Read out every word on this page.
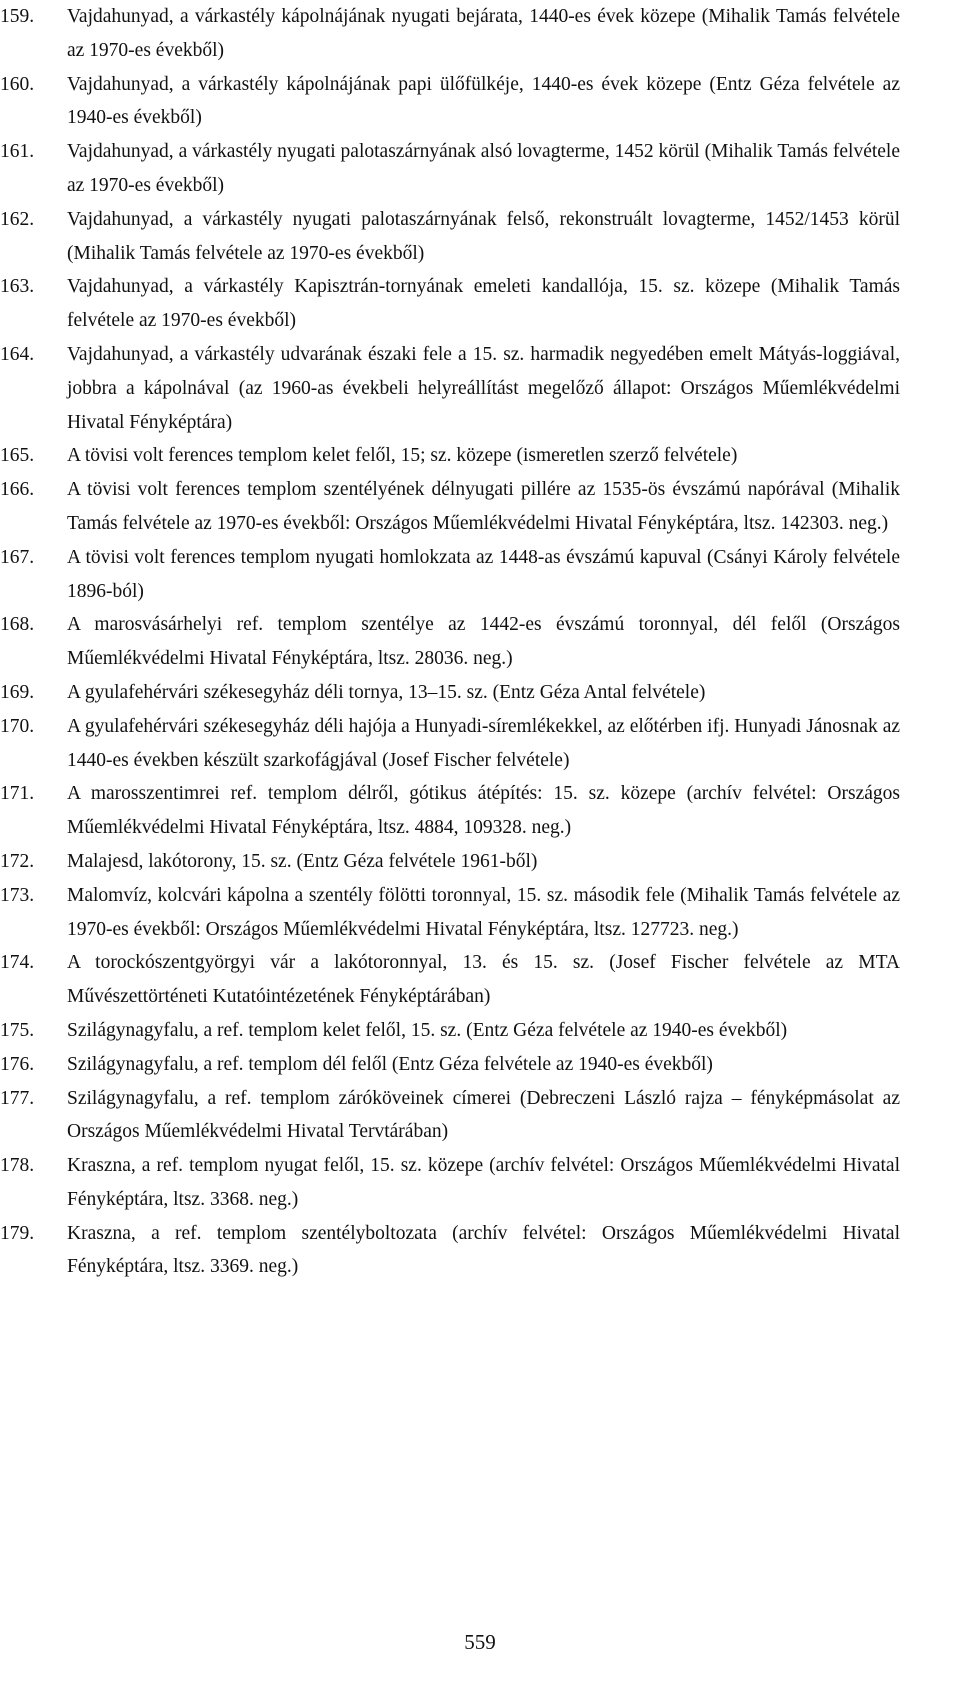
159.	Vajdahunyad, a várkastély kápolnájának nyugati bejárata, 1440-es évek közepe (Mihalik Tamás felvétele az 1970-es évekből)
160.	Vajdahunyad, a várkastély kápolnájának papi ülőfülkéje, 1440-es évek közepe (Entz Géza felvétele az 1940-es évekből)
161.	Vajdahunyad, a várkastély nyugati palotaszárnyának alsó lovagterme, 1452 körül (Mihalik Tamás felvétele az 1970-es évekből)
162.	Vajdahunyad, a várkastély nyugati palotaszárnyának felső, rekonstruált lovagterme, 1452/1453 körül (Mihalik Tamás felvétele az 1970-es évekből)
163.	Vajdahunyad, a várkastély Kapisztrán-tornyának emeleti kandallója, 15. sz. közepe (Mihalik Tamás felvétele az 1970-es évekből)
164.	Vajdahunyad, a várkastély udvarának északi fele a 15. sz. harmadik negyedében emelt Mátyás-loggiával, jobbra a kápolnával (az 1960-as évekbeli helyreállítást megelőző állapot: Országos Műemlékvédelmi Hivatal Fényképtára)
165.	A tövisi volt ferences templom kelet felől, 15; sz. közepe (ismeretlen szerző felvétele)
166.	A tövisi volt ferences templom szentélyének délnyugati pillére az 1535-ös évszámú napórával (Mihalik Tamás felvétele az 1970-es évekből: Országos Műemlékvédelmi Hivatal Fényképtára, ltsz. 142303. neg.)
167.	A tövisi volt ferences templom nyugati homlokzata az 1448-as évszámú kapuval (Csányi Károly felvétele 1896-ból)
168.	A marosvásárhelyi ref. templom szentélye az 1442-es évszámú toronnyal, dél felől (Országos Műemlékvédelmi Hivatal Fényképtára, ltsz. 28036. neg.)
169.	A gyulafehérvári székesegyház déli tornya, 13–15. sz. (Entz Géza Antal felvétele)
170.	A gyulafehérvári székesegyház déli hajója a Hunyadi-síremlékekkel, az előtérben ifj. Hunyadi Jánosnak az 1440-es években készült szarkofágjával (Josef Fischer felvétele)
171.	A marosszentimrei ref. templom délről, gótikus átépítés: 15. sz. közepe (archív felvétel: Országos Műemlékvédelmi Hivatal Fényképtára, ltsz. 4884, 109328. neg.)
172.	Malajesd, lakótorony, 15. sz. (Entz Géza felvétele 1961-ből)
173.	Malomvíz, kolcvári kápolna a szentély fölötti toronnyal, 15. sz. második fele (Mihalik Tamás felvétele az 1970-es évekből: Országos Műemlékvédelmi Hivatal Fényképtára, ltsz. 127723. neg.)
174.	A torockószentgyörgyi vár a lakótoronnyal, 13. és 15. sz. (Josef Fischer felvétele az MTA Művészettörténeti Kutatóintézetének Fényképtárában)
175.	Szilágynagyfalu, a ref. templom kelet felől, 15. sz. (Entz Géza felvétele az 1940-es évekből)
176.	Szilágynagyfalu, a ref. templom dél felől (Entz Géza felvétele az 1940-es évekből)
177.	Szilágynagyfalu, a ref. templom záróköveinek címerei (Debreczeni László rajza – fényképmásolat az Országos Műemlékvédelmi Hivatal Tervtárában)
178.	Kraszna, a ref. templom nyugat felől, 15. sz. közepe (archív felvétel: Országos Műemlékvédelmi Hivatal Fényképtára, ltsz. 3368. neg.)
179.	Kraszna, a ref. templom szentélyboltozata (archív felvétel: Országos Műemlékvédelmi Hivatal Fényképtára, ltsz. 3369. neg.)
559
